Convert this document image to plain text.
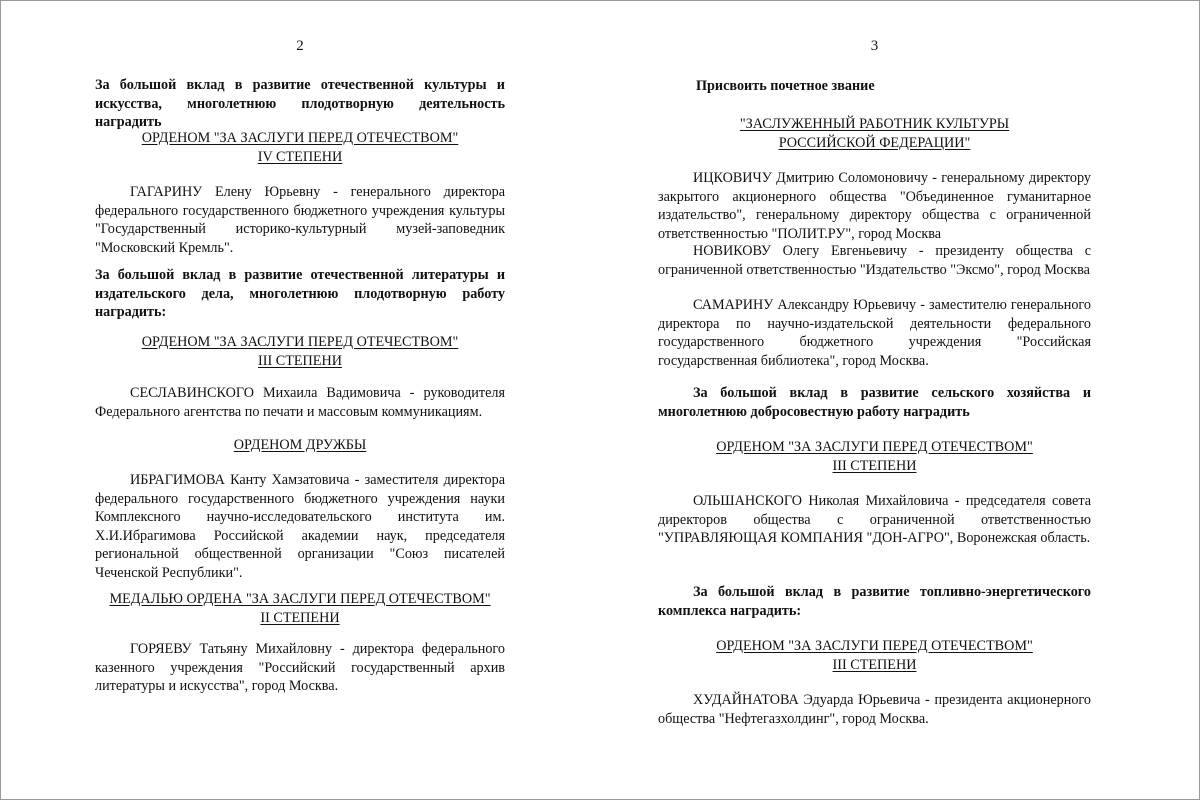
2

За большой вклад в развитие отечественной культуры и искусства, многолетнюю плодотворную деятельность наградить

ОРДЕНОМ "ЗА ЗАСЛУГИ ПЕРЕД ОТЕЧЕСТВОМ"
IV СТЕПЕНИ

ГАГАРИНУ Елену Юрьевну - генерального директора федерального государственного бюджетного учреждения культуры "Государственный историко-культурный музей-заповедник "Московский Кремль".

За большой вклад в развитие отечественной литературы и издательского дела, многолетнюю плодотворную работу наградить:

ОРДЕНОМ "ЗА ЗАСЛУГИ ПЕРЕД ОТЕЧЕСТВОМ"
III СТЕПЕНИ

СЕСЛАВИНСКОГО Михаила Вадимовича - руководителя Федерального агентства по печати и массовым коммуникациям.

ОРДЕНОМ ДРУЖБЫ

ИБРАГИМОВА Канту Хамзатовича - заместителя директора федерального государственного бюджетного учреждения науки Комплексного научно-исследовательского института им. Х.И.Ибрагимова Российской академии наук, председателя региональной общественной организации "Союз писателей Чеченской Республики".

МЕДАЛЬЮ ОРДЕНА "ЗА ЗАСЛУГИ ПЕРЕД ОТЕЧЕСТВОМ"
II СТЕПЕНИ

ГОРЯЕВУ Татьяну Михайловну - директора федерального казенного учреждения "Российский государственный архив литературы и искусства", город Москва.

3

Присвоить почетное звание

"ЗАСЛУЖЕННЫЙ РАБОТНИК КУЛЬТУРЫ
РОССИЙСКОЙ ФЕДЕРАЦИИ"

ИЦКОВИЧУ Дмитрию Соломоновичу - генеральному директору закрытого акционерного общества "Объединенное гуманитарное издательство", генеральному директору общества с ограниченной ответственностью "ПОЛИТ.РУ", город Москва

НОВИКОВУ Олегу Евгеньевичу - президенту общества с ограниченной ответственностью "Издательство "Эксмо", город Москва

САМАРИНУ Александру Юрьевичу - заместителю генерального директора по научно-издательской деятельности федерального государственного бюджетного учреждения "Российская государственная библиотека", город Москва.

За большой вклад в развитие сельского хозяйства и многолетнюю добросовестную работу наградить

ОРДЕНОМ "ЗА ЗАСЛУГИ ПЕРЕД ОТЕЧЕСТВОМ"
III СТЕПЕНИ

ОЛЬШАНСКОГО Николая Михайловича - председателя совета директоров общества с ограниченной ответственностью "УПРАВЛЯЮЩАЯ КОМПАНИЯ "ДОН-АГРО", Воронежская область.

За большой вклад в развитие топливно-энергетического комплекса наградить:

ОРДЕНОМ "ЗА ЗАСЛУГИ ПЕРЕД ОТЕЧЕСТВОМ"
III СТЕПЕНИ

ХУДАЙНАТОВА Эдуарда Юрьевича - президента акционерного общества "Нефтегазхолдинг", город Москва.
